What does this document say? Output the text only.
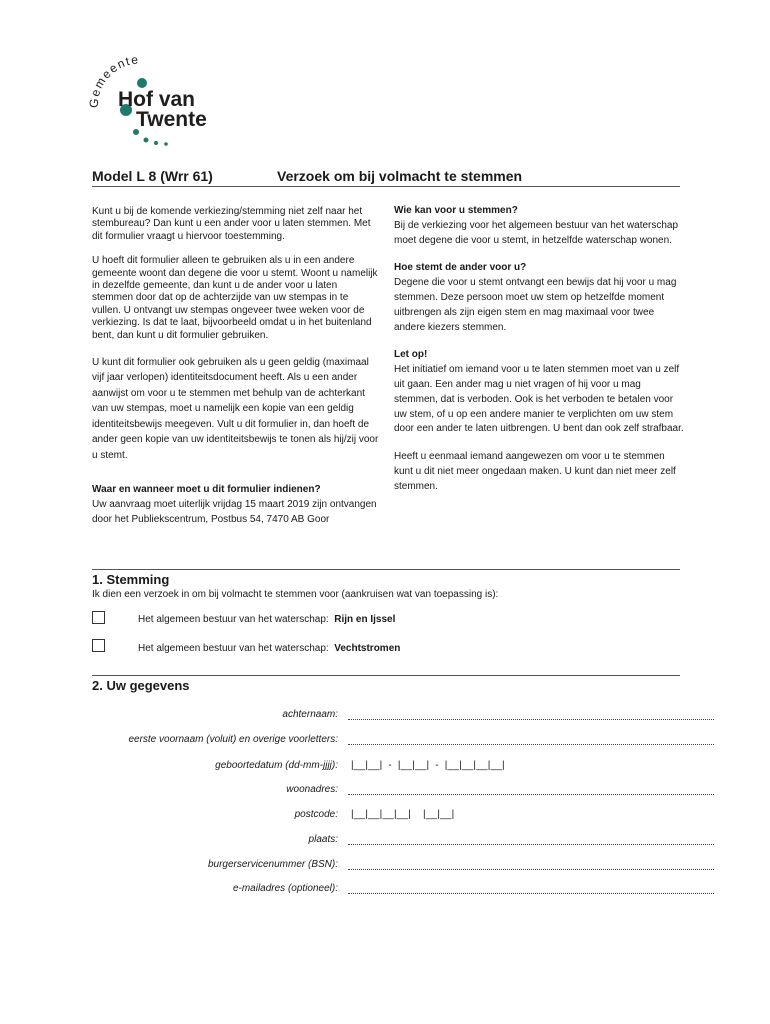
Gemeente
Hof van
Twente
Model L 8 (Wrr 61)	Verzoek om bij volmacht te stemmen

Kunt u bij de komende verkiezing/stemming niet zelf naar het stembureau? Dan kunt u een ander voor u laten stemmen. Met dit formulier vraagt u hiervoor toestemming.

U hoeft dit formulier alleen te gebruiken als u in een andere gemeente woont dan degene die voor u stemt. Woont u namelijk in dezelfde gemeente, dan kunt u de ander voor u laten stemmen door dat op de achterzijde van uw stempas in te vullen. U ontvangt uw stempas ongeveer twee weken voor de verkiezing. Is dat te laat, bijvoorbeeld omdat u in het buitenland bent, dan kunt u dit formulier gebruiken.

U kunt dit formulier ook gebruiken als u geen geldig (maximaal vijf jaar verlopen) identiteitsdocument heeft. Als u een ander aanwijst om voor u te stemmen met behulp van de achterkant van uw stempas, moet u namelijk een kopie van een geldig identiteitsbewijs meegeven. Vult u dit formulier in, dan hoeft de ander geen kopie van uw identiteitsbewijs te tonen als hij/zij voor u stemt.

Waar en wanneer moet u dit formulier indienen?

Uw aanvraag moet uiterlijk vrijdag 15 maart 2019 zijn ontvangen door het Publiekscentrum, Postbus 54, 7470 AB Goor

Wie kan voor u stemmen?

Bij de verkiezing voor het algemeen bestuur van het waterschap moet degene die voor u stemt, in hetzelfde waterschap wonen.

Hoe stemt de ander voor u?

Degene die voor u stemt ontvangt een bewijs dat hij voor u mag stemmen. Deze persoon moet uw stem op hetzelfde moment uitbrengen als zijn eigen stem en mag maximaal voor twee andere kiezers stemmen.

Let op!

Het initiatief om iemand voor u te laten stemmen moet van u zelf uit gaan. Een ander mag u niet vragen of hij voor u mag stemmen, dat is verboden. Ook is het verboden te betalen voor uw stem, of u op een andere manier te verplichten om uw stem door een ander te laten uitbrengen. U bent dan ook zelf strafbaar.

Heeft u eenmaal iemand aangewezen om voor u te stemmen kunt u dit niet meer ongedaan maken. U kunt dan niet meer zelf stemmen.

1. Stemming
Ik dien een verzoek in om bij volmacht te stemmen voor (aankruisen wat van toepassing is):
Het algemeen bestuur van het waterschap: Rijn en Ijssel
Het algemeen bestuur van het waterschap: Vechtstromen
2. Uw gegevens
achternaam:
eerste voornaam (voluit) en overige voorletters:
geboortedatum (dd-mm-jjjj): |__|__|  -  |__|__|  -  |__|__|__|__|
woonadres:
postcode: |__|__|__|__|    |__|__|
plaats:
burgerservicenummer (BSN):
e-mailadres (optioneel):
